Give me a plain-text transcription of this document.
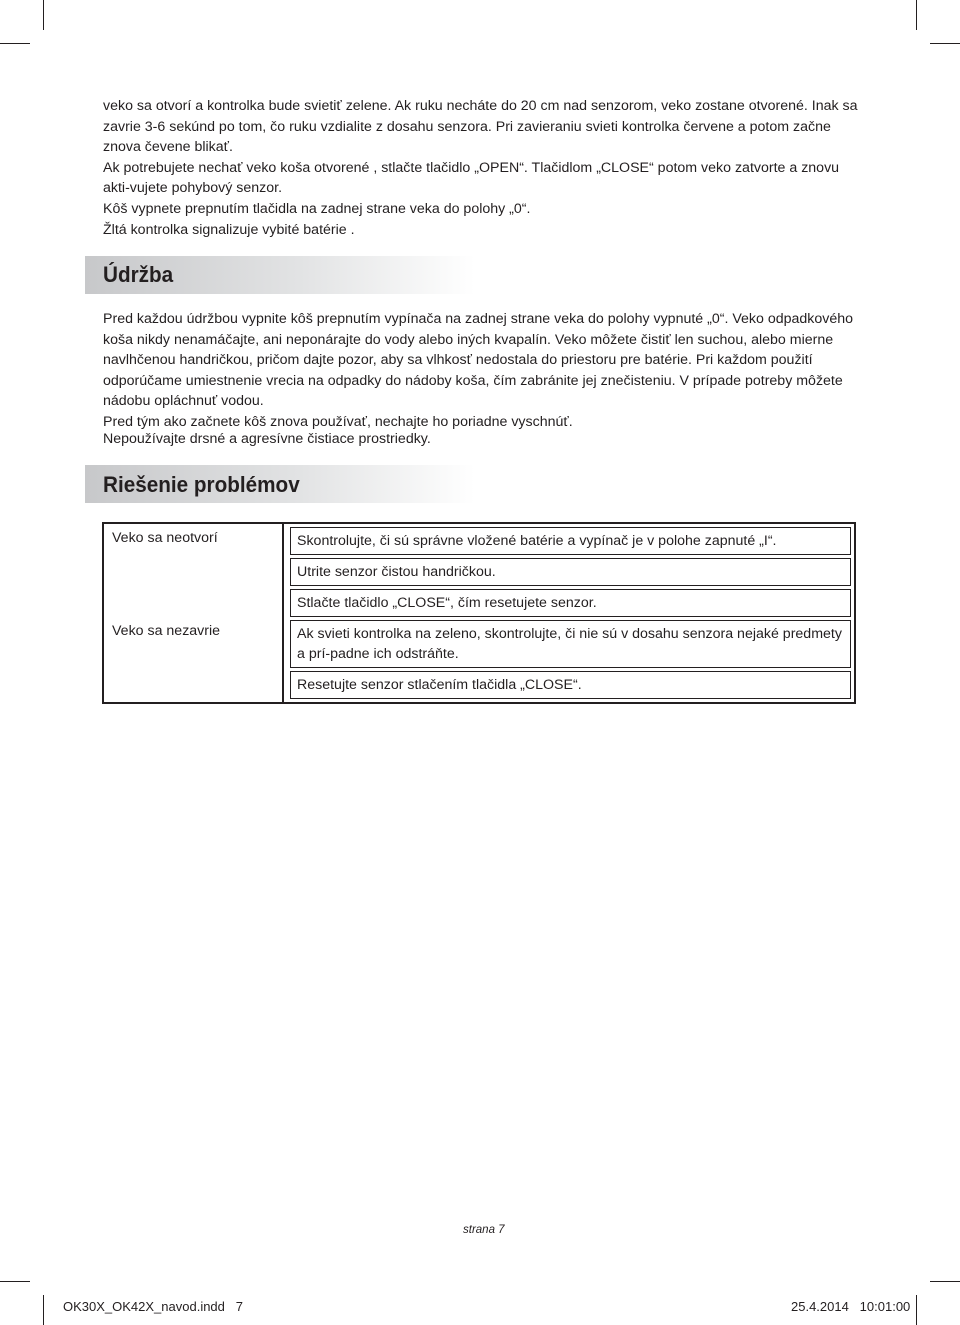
veko sa otvorí a kontrolka bude svietiť zelene. Ak ruku necháte do 20 cm nad senzorom, veko zostane otvorené. Inak sa zavrie 3-6 sekúnd po tom, čo ruku vzdialite z dosahu senzora. Pri zavieraniu svieti kontrolka červene a potom začne znova čevene blikať.

Ak potrebujete nechať veko koša otvorené , stlačte tlačidlo „OPEN“. Tlačidlom „CLOSE“ potom veko zatvorte a znovu akti-vujete pohybový senzor.

Kôš vypnete prepnutím tlačidla na zadnej strane veka do polohy „0“.

Žltá kontrolka signalizuje vybité batérie .

Údržba

Pred každou údržbou vypnite kôš prepnutím vypínača na zadnej strane veka do polohy vypnuté „0“. Veko odpadkového koša nikdy nenamáčajte, ani neponárajte do vody alebo iných kvapalín. Veko môžete čistiť len suchou, alebo mierne navlhčenou handričkou, pričom dajte pozor, aby sa vlhkosť nedostala do priestoru pre batérie. Pri každom použití odporúčame umiestnenie vrecia na odpadky do nádoby koša, čím zabránite jej znečisteniu. V prípade potreby môžete nádobu opláchnuť vodou.

Pred tým ako začnete kôš znova používať, nechajte ho poriadne vyschnúť.

Nepoužívajte drsné a agresívne čistiace prostriedky.
Riešenie problémov
Veko sa neotvorí	Skontrolujte, či sú správne vložené batérie a vypínač je v polohe zapnuté „I“.
Utrite senzor čistou handričkou.
Stlačte tlačidlo „CLOSE“, čím resetujete senzor.

Veko sa nezavrie	Ak svieti kontrolka na zeleno, skontrolujte, či nie sú v dosahu senzora nejaké predmety a prí-padne ich odstráňte.
Resetujte senzor stlačením tlačidla „CLOSE“.
strana 7
OK30X_OK42X_navod.indd   7	25.4.2014   10:01:00
